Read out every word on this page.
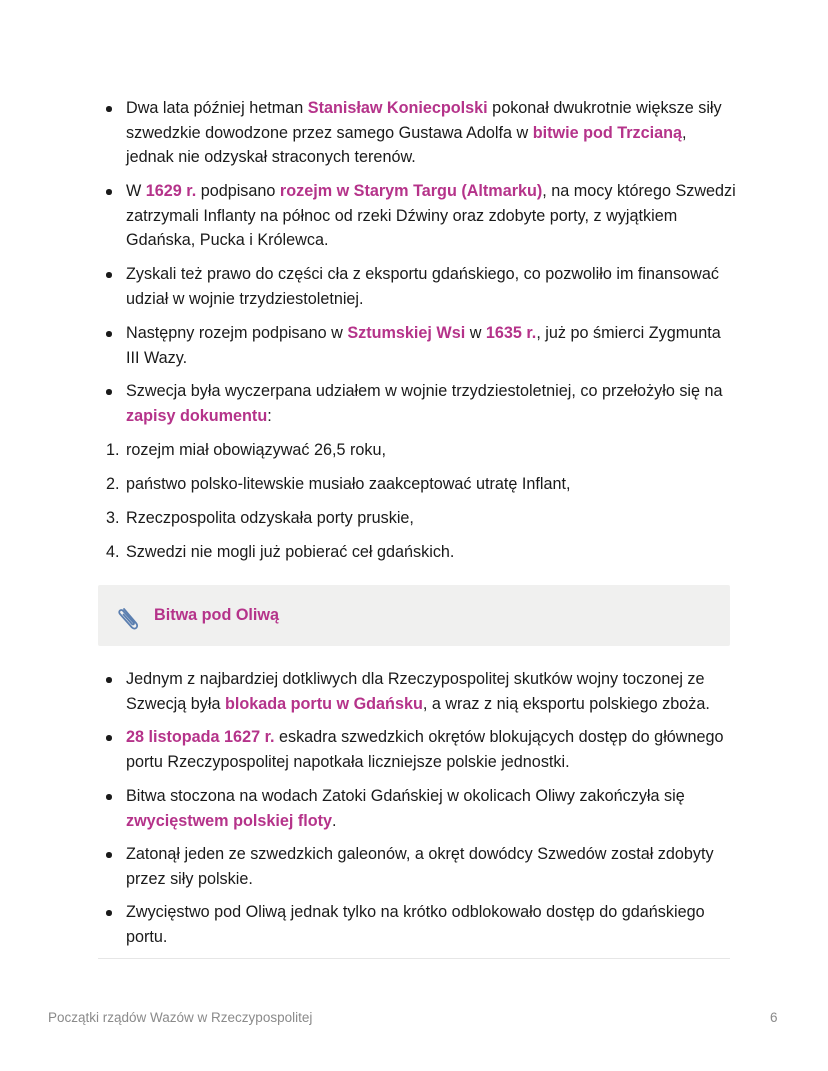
Dwa lata później hetman Stanisław Koniecpolski pokonał dwukrotnie większe siły szwedzkie dowodzone przez samego Gustawa Adolfa w bitwie pod Trzcianą, jednak nie odzyskał straconych terenów.
W 1629 r. podpisano rozejm w Starym Targu (Altmarku), na mocy którego Szwedzi zatrzymali Inflanty na północ od rzeki Dźwiny oraz zdobyte porty, z wyjątkiem Gdańska, Pucka i Królewca.
Zyskali też prawo do części cła z eksportu gdańskiego, co pozwoliło im finansować udział w wojnie trzydziestoletniej.
Następny rozejm podpisano w Sztumskiej Wsi w 1635 r., już po śmierci Zygmunta III Wazy.
Szwecja była wyczerpana udziałem w wojnie trzydziestoletniej, co przełożyło się na zapisy dokumentu:
1. rozejm miał obowiązywać 26,5 roku,
2. państwo polsko-litewskie musiało zaakceptować utratę Inflant,
3. Rzeczpospolita odzyskała porty pruskie,
4. Szwedzi nie mogli już pobierać ceł gdańskich.
Bitwa pod Oliwą
Jednym z najbardziej dotkliwych dla Rzeczypospolitej skutków wojny toczonej ze Szwecją była blokada portu w Gdańsku, a wraz z nią eksportu polskiego zboża.
28 listopada 1627 r. eskadra szwedzkich okrętów blokujących dostęp do głównego portu Rzeczypospolitej napotkała liczniejsze polskie jednostki.
Bitwa stoczona na wodach Zatoki Gdańskiej w okolicach Oliwy zakończyła się zwycięstwem polskiej floty.
Zatonął jeden ze szwedzkich galeonów, a okręt dowódcy Szwedów został zdobyty przez siły polskie.
Zwycięstwo pod Oliwą jednak tylko na krótko odblokowało dostęp do gdańskiego portu.
Początki rządów Wazów w Rzeczypospolitej	6
